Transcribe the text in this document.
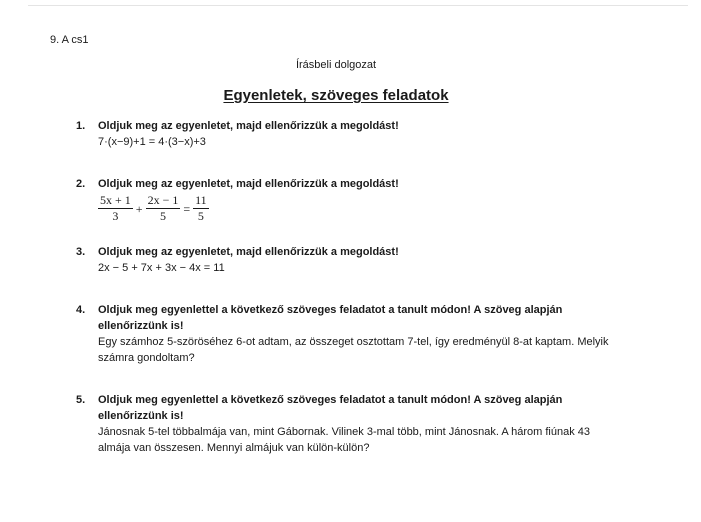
9. A cs1
Írásbeli dolgozat
Egyenletek, szöveges feladatok
1. Oldjuk meg az egyenletet, majd ellenőrizzük a megoldást!
7·(x−9)+1 = 4·(3−x)+3
2. Oldjuk meg az egyenletet, majd ellenőrizzük a megoldást!
$\frac{5x + 1}{3} + \frac{2x - 1}{5} = \frac{11}{5}$
3. Oldjuk meg az egyenletet, majd ellenőrizzük a megoldást!
2x − 5 + 7x + 3x − 4x = 11
4. Oldjuk meg egyenlettel a következő szöveges feladatot a tanult módon! A szöveg alapján ellenőrizzünk is!
Egy számhoz 5-szöröséhez 6-ot adtam, az összeget osztottam 7-tel, így eredményül 8-at kaptam. Melyik számra gondoltam?
5. Oldjuk meg egyenlettel a következő szöveges feladatot a tanult módon! A szöveg alapján ellenőrizzünk is!
Jánosnak 5-tel többalmája van, mint Gábornak. Vilinek 3-mal több, mint Jánosnak. A három fiúnak 43 almája van összesen. Mennyi almájuk van külön-külön?
